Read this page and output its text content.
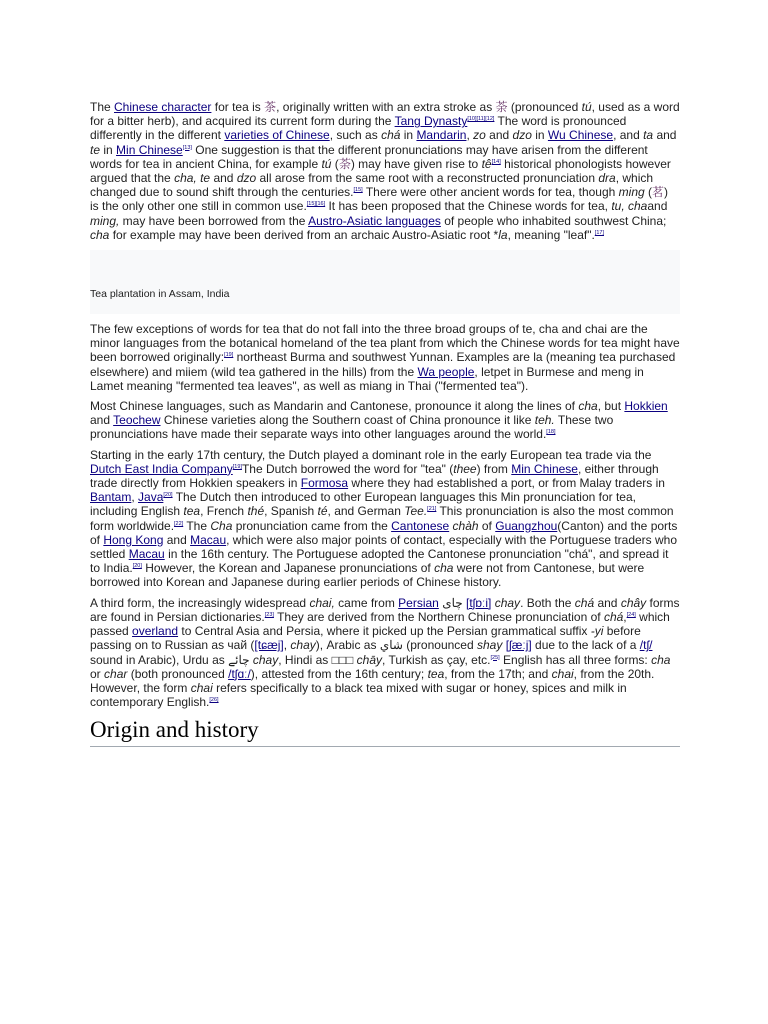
The Chinese character for tea is 茶, originally written with an extra stroke as 荼 (pronounced tú, used as a word for a bitter herb), and acquired its current form during the Tang Dynasty[10][11][12] The word is pronounced differently in the different varieties of Chinese, such as chá in Mandarin, zo and dzo in Wu Chinese, and ta and te in Min Chinese[13] One suggestion is that the different pronunciations may have arisen from the different words for tea in ancient China, for example tú (荼) may have given rise to tê[14] historical phonologists however argued that the cha, te and dzo all arose from the same root with a reconstructed pronunciation dra, which changed due to sound shift through the centuries.[15] There were other ancient words for tea, though ming (茗) is the only other one still in common use.[15][16] It has been proposed that the Chinese words for tea, tu, chaand ming, may have been borrowed from the Austro-Asiatic languages of people who inhabited southwest China; cha for example may have been derived from an archaic Austro-Asiatic root *la, meaning "leaf".[17]

Tea plantation in Assam, India

The few exceptions of words for tea that do not fall into the three broad groups of te, cha and chai are the minor languages from the botanical homeland of the tea plant from which the Chinese words for tea might have been borrowed originally:[19] northeast Burma and southwest Yunnan. Examples are la (meaning tea purchased elsewhere) and miiem (wild tea gathered in the hills) from the Wa people, letpet in Burmese and meng in Lamet meaning "fermented tea leaves", as well as miang in Thai ("fermented tea").

Most Chinese languages, such as Mandarin and Cantonese, pronounce it along the lines of cha, but Hokkien and Teochew Chinese varieties along the Southern coast of China pronounce it like teh. These two pronunciations have made their separate ways into other languages around the world.[18]

Starting in the early 17th century, the Dutch played a dominant role in the early European tea trade via the Dutch East India Company[19]The Dutch borrowed the word for "tea" (thee) from Min Chinese, either through trade directly from Hokkien speakers in Formosa where they had established a port, or from Malay traders in Bantam, Java[20] The Dutch then introduced to other European languages this Min pronunciation for tea, including English tea, French thé, Spanish té, and German Tee.[21] This pronunciation is also the most common form worldwide.[22] The Cha pronunciation came from the Cantonese chàh of Guangzhou(Canton) and the ports of Hong Kong and Macau, which were also major points of contact, especially with the Portuguese traders who settled Macau in the 16th century. The Portuguese adopted the Cantonese pronunciation "chá", and spread it to India.[20] However, the Korean and Japanese pronunciations of cha were not from Cantonese, but were borrowed into Korean and Japanese during earlier periods of Chinese history.

A third form, the increasingly widespread chai, came from Persian چای [tʃɒːi] chay. Both the chá and chây forms are found in Persian dictionaries.[23] They are derived from the Northern Chinese pronunciation of chá,[24] which passed overland to Central Asia and Persia, where it picked up the Persian grammatical suffix -yi before passing on to Russian as чай ([tɕæj], chay), Arabic as شاي (pronounced shay [ʃæːj] due to the lack of a /tʃ/ sound in Arabic), Urdu as چائے chay, Hindi as □□□ chāy, Turkish as çay, etc.[25] English has all three forms: cha or char (both pronounced /tʃɑː/), attested from the 16th century; tea, from the 17th; and chai, from the 20th. However, the form chai refers specifically to a black tea mixed with sugar or honey, spices and milk in contemporary English.[26]

Origin and history
